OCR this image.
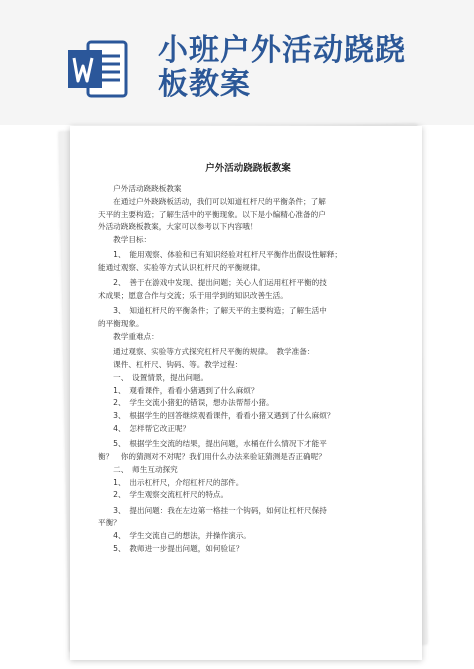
小班户外活动跷跷
板教案
户外活动跷跷板教案
　　户外活动跷跷板教案
　　在通过户外跷跷板活动，我们可以知道杠杆尺的平衡条件；了解
天平的主要构造；了解生活中的平衡现象。以下是小编精心准备的户
外活动跷跷板教案，大家可以参考以下内容哦！
　　教学目标：
　　1、　能用观察、体验和已有知识经验对杠杆尺平衡作出假设性解释；
能通过观察、实验等方式认识杠杆尺的平衡规律。
　　2、　善于在游戏中发现、提出问题；关心人们运用杠杆平衡的技
术成果；愿意合作与交流；乐于用学到的知识改善生活。
　　3、　知道杠杆尺的平衡条件；了解天平的主要构造；了解生活中
的平衡现象。
　　教学重难点：
　　通过观察、实验等方式探究杠杆尺平衡的规律。　教学准备：
　　课件、杠杆尺、钩码、等。教学过程：
　　一、　设置情景，提出问题。
　　1、　观看课件，看看小猪遇到了什么麻烦？
　　2、　学生交流小猪犯的错误，想办法帮帮小猪。
　　3、　根据学生的回答继续观看课件，看看小猪又遇到了什么麻烦？
　　4、　怎样帮它改正呢？
　　5、　根据学生交流的结果，提出问题，水桶在什么情况下才能平
衡？　你的猜测对不对呢？我们用什么办法来验证猜测是否正确呢？
　　二、　师生互动探究
　　1、　出示杠杆尺，介绍杠杆尺的部件。
　　2、　学生观察交流杠杆尺的特点。
　　3、　提出问题：我在左边第一格挂一个钩码，如何让杠杆尺保持
平衡？
　　4、　学生交流自己的想法，并操作演示。
　　5、　教师进一步提出问题，如何验证？
